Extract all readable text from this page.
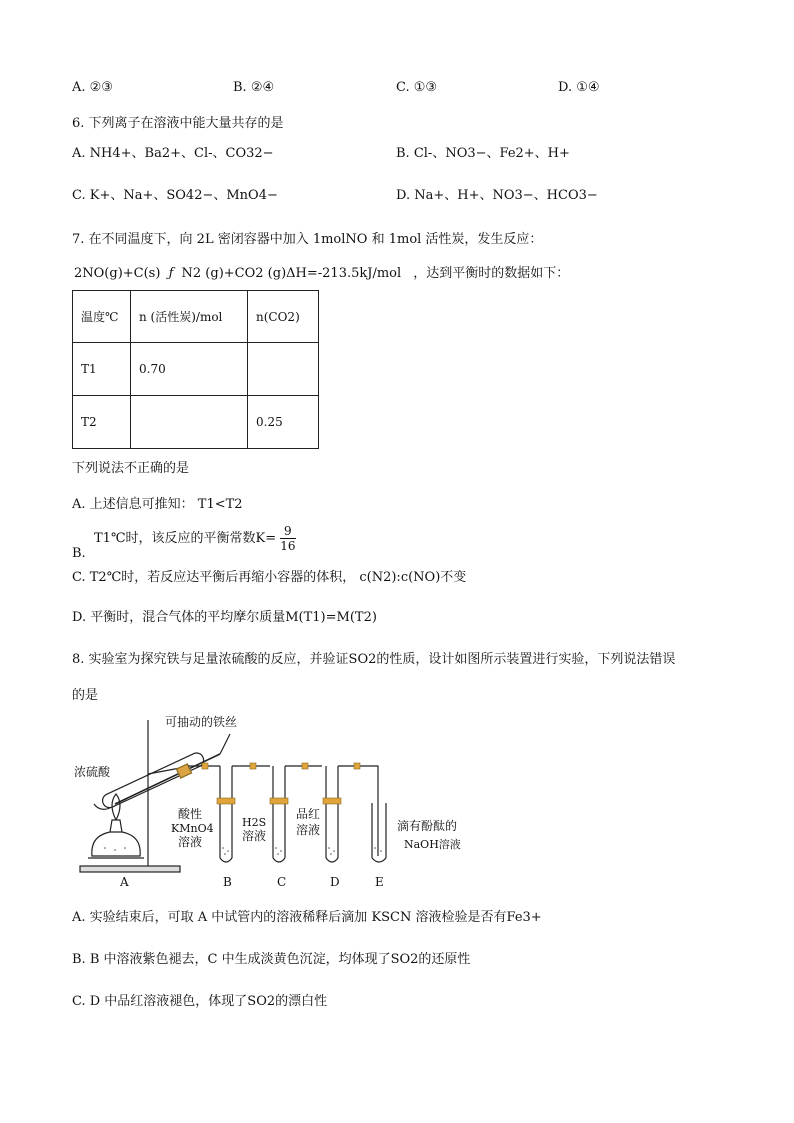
A. ②③	B. ②④	C. ①③	D. ①④
6. 下列离子在溶液中能大量共存的是
A. NH4+、Ba2+、Cl-、CO32−	B. Cl-、NO3−、Fe2+、H+
C. K+、Na+、SO42−、MnO4−	D. Na+、H+、NO3−、HCO3−
7. 在不同温度下，向 2L 密闭容器中加入 1molNO 和 1mol 活性炭，发生反应：
2NO(g)+C(s) ƒ N2 (g)+CO2 (g)ΔH=-213.5kJ/mol ，达到平衡时的数据如下：
温度℃	n (活性炭)/mol	n(CO2)
T1	0.70	
T2		0.25
下列说法不正确的是
A. 上述信息可推知： T1<T2
B.
T1℃时，该反应的平衡常数$K= \frac{9}{16}$
C. T2℃时，若反应达平衡后再缩小容器的体积， c(N2):c(NO)不变
D. 平衡时，混合气体的平均摩尔质量M(T1)=M(T2)
8. 实验室为探究铁与足量浓硫酸的反应，并验证SO2的性质，设计如图所示装置进行实验，下列说法错误
的是
可抽动的铁丝
浓硫酸
酸性
KMnO4
溶液
H2S
溶液
品红
溶液	滴有酚酞的
NaOH溶液
A	B	C	D	E
A. 实验结束后，可取 A 中试管内的溶液稀释后滴加 KSCN 溶液检验是否有Fe3+
B. B 中溶液紫色褪去，C 中生成淡黄色沉淀，均体现了SO2的还原性
C. D 中品红溶液褪色，体现了SO2的漂白性
